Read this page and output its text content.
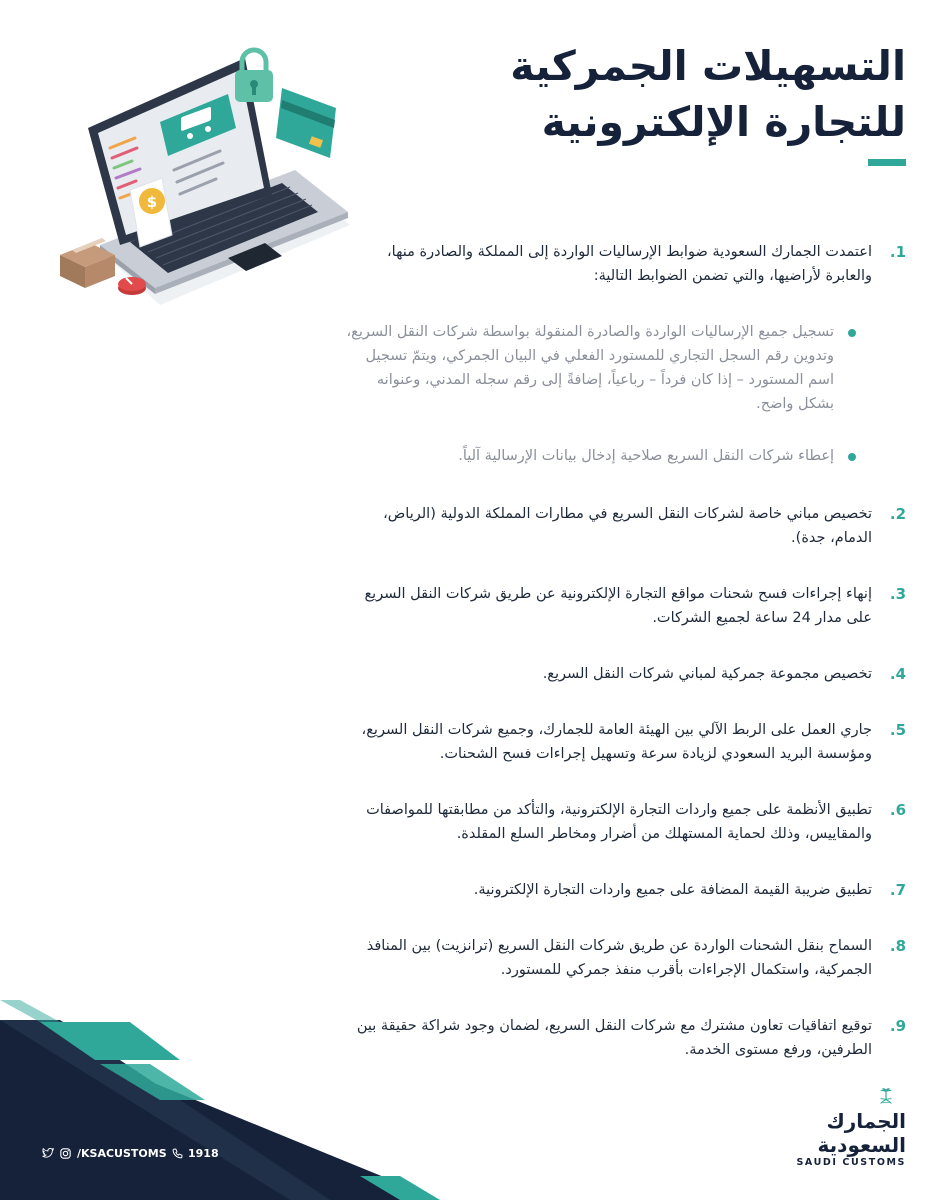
$
التسهيلات الجمركية
للتجارة الإلكترونية
1.
اعتمدت الجمارك السعودية ضوابط الإرساليات الواردة إلى المملكة والصادرة منها، والعابرة لأراضيها، والتي تضمن الضوابط التالية:
تسجيل جميع الإرساليات الواردة والصادرة المنقولة بواسطة شركات النقل السريع، وتدوين رقم السجل التجاري للمستورد الفعلي في البيان الجمركي، ويتمّ تسجيل اسم المستورد – إذا كان فرداً – رباعياً، إضافةً إلى رقم سجله المدني، وعنوانه بشكل واضح.
إعطاء شركات النقل السريع صلاحية إدخال بيانات الإرسالية آلياً.
2.
تخصيص مباني خاصة لشركات النقل السريع في مطارات المملكة الدولية (الرياض، الدمام، جدة).
3.
إنهاء إجراءات فسح شحنات مواقع التجارة الإلكترونية عن طريق شركات النقل السريع على مدار 24 ساعة لجميع الشركات.
4.
تخصيص مجموعة جمركية لمباني شركات النقل السريع.
5.
جاري العمل على الربط الآلي بين الهيئة العامة للجمارك، وجميع شركات النقل السريع، ومؤسسة البريد السعودي لزيادة سرعة وتسهيل إجراءات فسح الشحنات.
6.
تطبيق الأنظمة على جميع واردات التجارة الإلكترونية، والتأكد من مطابقتها للمواصفات والمقاييس، وذلك لحماية المستهلك من أضرار ومخاطر السلع المقلدة.
7.
تطبيق ضريبة القيمة المضافة على جميع واردات التجارة الإلكترونية.
8.
السماح بنقل الشحنات الواردة عن طريق شركات النقل السريع (ترانزيت) بين المنافذ الجمركية، واستكمال الإجراءات بأقرب منفذ جمركي للمستورد.
9.
توقيع اتفاقيات تعاون مشترك مع شركات النقل السريع، لضمان وجود شراكة حقيقة بين الطرفين، ورفع مستوى الخدمة.
/KSACUSTOMS 1918
الجمارك السعودية
SAUDI CUSTOMS
